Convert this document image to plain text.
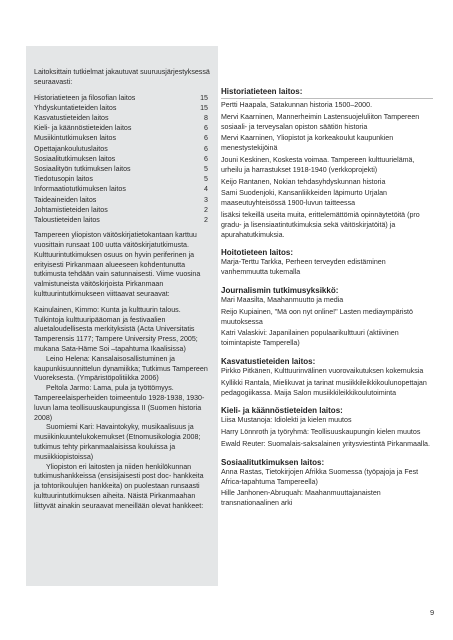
Laitoksittain tutkielmat jakautuvat suuruusjärjestyksessä seuraavasti:
Historiatieteen ja filosofian laitos	15
Yhdyskuntatieteiden laitos	15
Kasvatustieteiden laitos	8
Kieli- ja käännöstieteiden laitos	6
Musiikintutkimuksen laitos	6
Opettajankoulutuslaitos	6
Sosiaalitutkimuksen laitos	6
Sosiaalityön tutkimuksen laitos	5
Tiedotusopin laitos	5
Informaatiotutkimuksen laitos	4
Taideaineiden laitos	3
Johtamistieteiden laitos	2
Taloustieteiden laitos	2
Tampereen yliopiston väitöskirjatietokantaan karttuu vuosittain runsaat 100 uutta väitöskirjatutkimusta. Kulttuurintutkimuksen osuus on hyvin periferinen ja erityisesti Pirkanmaan alueeseen kohdentunutta tutkimusta tehdään vain satunnaisesti. Viime vuosina valmistuneista väitöskirjoista Pirkanmaan kulttuurintutkimukseen viittaavat seuraavat:
Kainulainen, Kimmo: Kunta ja kulttuurin talous. Tulkintoja kulttuuripääoman ja festivaalien aluetaloudellisesta merkityksistä (Acta Universitatis Tamperensis 1177; Tampere University Press, 2005; mukana Sata-Häme Soi –tapahtuma Ikaalisissa)
Leino Helena: Kansalaisosallistuminen ja kaupunkisuunnittelun dynamiikka; Tutkimus Tampereen Vuoreksesta. (Ympäristöpolitiikka 2006)
Peltola Jarmo: Lama, pula ja työttömyys. Tampereelaisperheiden toimeentulo 1928-1938, 1930-luvun lama teollisuuskaupungissa II (Suomen historia 2008)
Suomiemi Kari: Havaintokyky, musikaalisuus ja musiikinkuuntelukokemukset (Etnomusikologia 2008; tutkimus tehty pirkanmaalaisissa kouluissa ja musiikkiopistoissa)
Yliopiston eri laitosten ja niiden henkilökunnan tutkimushankkeissa (ensisijaisesti post doc- hankkeita ja tohtorikoulujen hankkeita) on puolestaan runsaasti kulttuurintutkimuksen aiheita. Näistä Pirkanmaahan liittyvät ainakin seuraavat meneillään olevat hankkeet:
Historiatieteen laitos:
Pertti Haapala, Satakunnan historia 1500–2000.
Mervi Kaarninen, Mannerheimin Lastensuojeluliiton Tampereen sosiaali- ja terveysalan opiston säätiön historia
Mervi Kaarninen, Yliopistot ja korkeakoulut kaupunkien menestystekijöinä
Jouni Keskinen, Koskesta voimaa. Tampereen kulttuurielämä, urheilu ja harrastukset 1918-1940 (verkkoprojekti)
Keijo Rantanen, Nokian tehdasyhdyskunnan historia
Sami Suodenjoki, Kansanliikkeiden läpimurto Urjalan maaseutuyhteisössä 1900-luvun taitteessa
lisäksi tekeillä useita muita, erittelemättömiä opinnäytetöitä (pro gradu- ja lisensiaatintutkimuksia sekä väitöskirjatöitä) ja apurahatutkimuksia.
Hoitotieteen laitos:
Marja-Terttu Tarkka, Perheen terveyden edistäminen vanhemmuutta tukemalla
Journalismin tutkimusyksikkö:
Mari Maasilta, Maahanmuutto ja media
Reijo Kupiainen, "Mä oon nyt online!" Lasten mediaympäristö muutoksessa
Katri Valaskivi: Japanilainen populaarikulttuuri (aktiivinen toimintapiste Tamperella)
Kasvatustieteiden laitos:
Pirkko Pitkänen, Kulttuurinvälinen vuorovaikutuksen kokemuksia
Kyllikki Rantala, Mielikuvat ja tarinat musiikkileikkikoulunopettajan pedagogiikassa. Maija Salon musiikkileikkikoulutoiminta
Kieli- ja käännöstieteiden laitos:
Liisa Mustanoja: Idiolekti ja kielen muutos
Harry Lönnroth ja työryhmä: Teollisuuskaupungin kielen muutos
Ewald Reuter: Suomalais-saksalainen yritysviestintä Pirkanmaalla.
Sosiaalitutkimuksen laitos:
Anna Rastas, Tietokirjojen Afrikka Suomessa (työpajoja ja Fest Africa-tapahtuma Tampereella)
Hille Janhonen-Abruquah: Maahanmuuttajanaisten transnationaalinen arki
9
